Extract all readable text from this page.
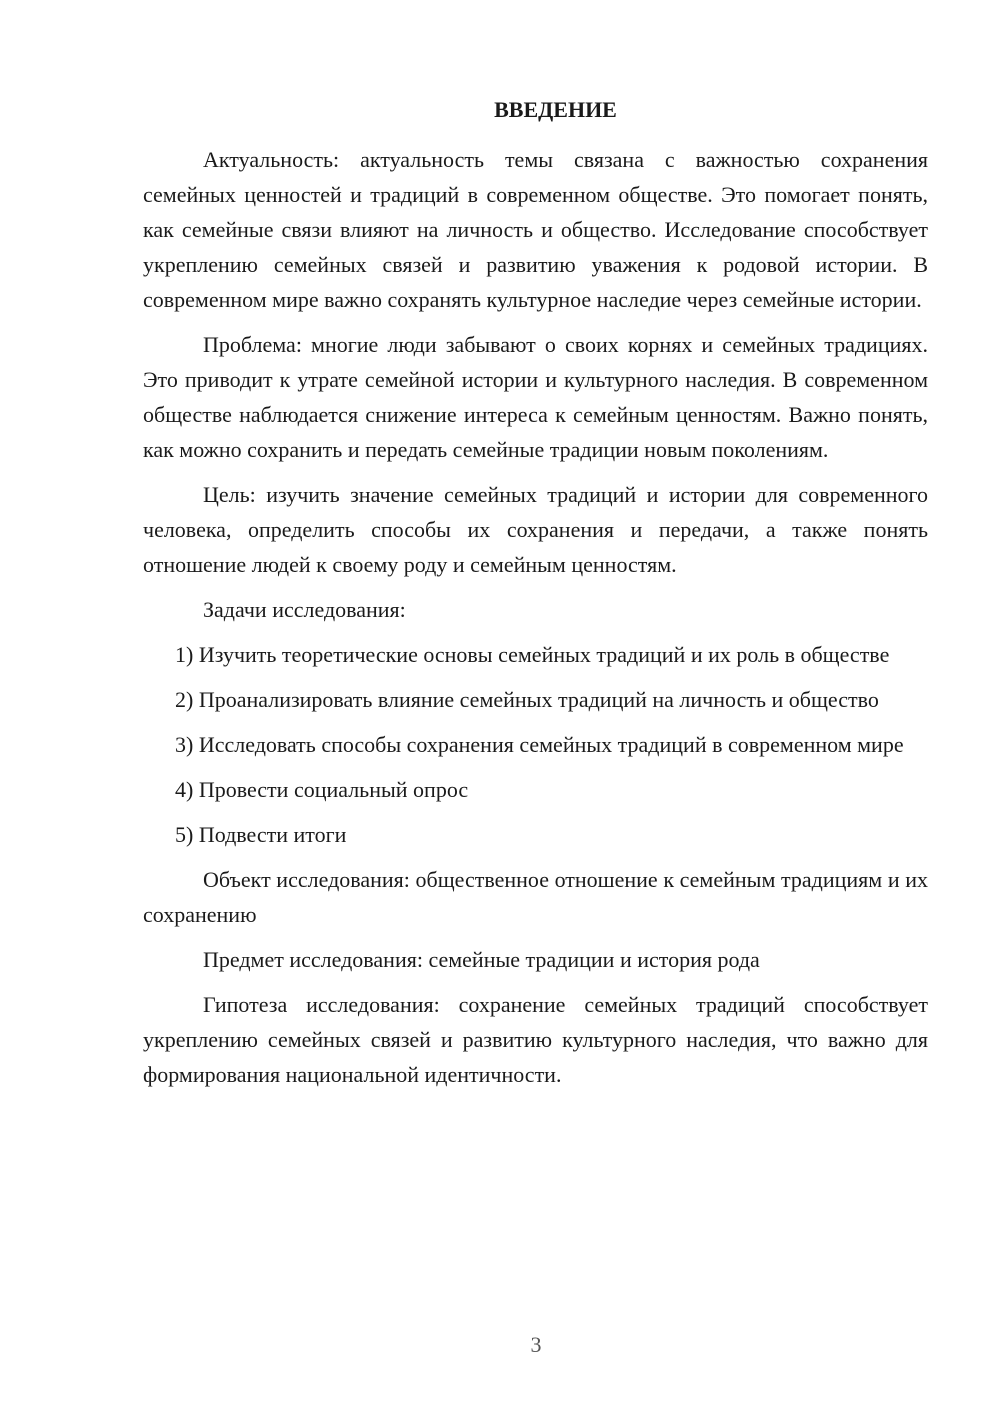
ВВЕДЕНИЕ

Актуальность: актуальность темы связана с важностью сохранения семейных ценностей и традиций в современном обществе. Это помогает понять, как семейные связи влияют на личность и общество. Исследование способствует укреплению семейных связей и развитию уважения к родовой истории. В современном мире важно сохранять культурное наследие через семейные истории.

Проблема: многие люди забывают о своих корнях и семейных традициях. Это приводит к утрате семейной истории и культурного наследия. В современном обществе наблюдается снижение интереса к семейным ценностям. Важно понять, как можно сохранить и передать семейные традиции новым поколениям.

Цель: изучить значение семейных традиций и истории для современного человека, определить способы их сохранения и передачи, а также понять отношение людей к своему роду и семейным ценностям.

Задачи исследования:

1) Изучить теоретические основы семейных традиций и их роль в обществе

2) Проанализировать влияние семейных традиций на личность и общество

3) Исследовать способы сохранения семейных традиций в современном мире

4) Провести социальный опрос

5) Подвести итоги

Объект исследования: общественное отношение к семейным традициям и их сохранению

Предмет исследования: семейные традиции и история рода

Гипотеза исследования: сохранение семейных традиций способствует укреплению семейных связей и развитию культурного наследия, что важно для формирования национальной идентичности.

3
